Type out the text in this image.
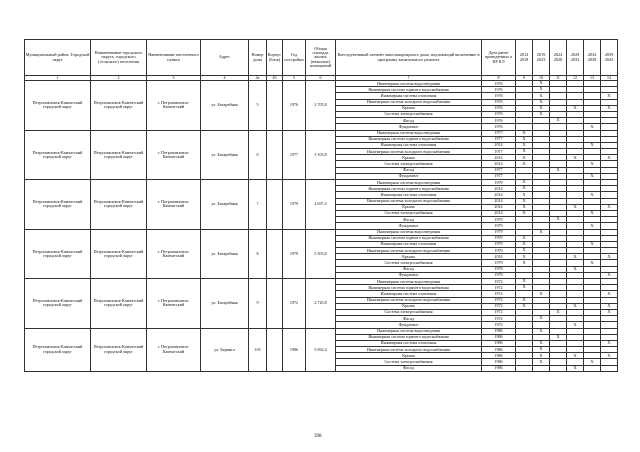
Муниципальный район, Городской округ	Наименование городского округа, городского (сельского) поселения	Наименование населенного пункта	Адрес	Номер дома	Корпус (блок)	Год постройки	Общая площадь жилых (нежилых) помещений	Конструктивный элемент многоквартирного дома, подлежащий включению в программу капитального ремонта	Дата ранее проведенных к КР КЭ	2014 2018	2019 2023	2024 2028	2029 2033	2034 2038	2039 2043
1	2	3	4	4а	4б	5	6	7	8	9	10	11	12	13	14
Петропавловск-Камчатский городской округ	Петропавловск-Камчатский городской округ	г. Петропавловск-Камчатский	ул. Батарейная	5		1976	2 705,8	Инженерная система водоотведения	1976		X				
								Инженерная система горячего водоснабжения	1976		X				
								Инженерная система отопления	1976		X				X
								Инженерная система холодного водоснабжения	1976		X				
								Крыша	1976		X		X		X
								Система электроснабжения	1976		X				
								Фасад	1976			X			
								Фундамент	1976					X	
Петропавловск-Камчатский городской округ	Петропавловск-Камчатский городской округ	г. Петропавловск-Камчатский	ул. Батарейная	6		1977	3 103,8	Инженерная система водоотведения	1977	X					
								Инженерная система горячего водоснабжения	1977	X					
								Инженерная система отопления	2014	X				X	
								Инженерная система холодного водоснабжения	1977	X					
								Крыша	2014	X			X		X
								Система электроснабжения	2014	X				X	
								Фасад	1977			X			
								Фундамент	1977					X	
Петропавловск-Камчатский городской округ	Петропавловск-Камчатский городской округ	г. Петропавловск-Камчатский	ул. Батарейная	7		1979	4 697,4	Инженерная система водоотведения	1979	X					
								Инженерная система горячего водоснабжения	2014	X					
								Инженерная система отопления	2014	X				X	
								Инженерная система холодного водоснабжения	2014	X					
								Крыша	2014	X			X		X
								Система электроснабжения	2014	X				X	
								Фасад	1979			X			
								Фундамент	1979					X	
Петропавловск-Камчатский городской округ	Петропавловск-Камчатский городской округ	г. Петропавловск-Камчатский	ул. Батарейная	8		1979	5 303,8	Инженерная система водоотведения	1979		X				
								Инженерная система горячего водоснабжения	1979	X					
								Инженерная система отопления	1979	X				X	
								Инженерная система холодного водоснабжения	1979	X					
								Крыша	2014	X			X		X
								Система электроснабжения	1979	X				X	
								Фасад	1979				X		
								Фундамент	1979						X
Петропавловск-Камчатский городской округ	Петропавловск-Камчатский городской округ	г. Петропавловск-Камчатский	ул. Батарейная	9		1972	2 720,8	Инженерная система водоотведения	1972	X					
								Инженерная система горячего водоснабжения	1972	X					
								Инженерная система отопления	1972		X				X
								Инженерная система холодного водоснабжения	1972	X					
								Крыша	1972	X			X		X
								Система электроснабжения	1972			X			X
								Фасад	1972		X				
								Фундамент	1972				X		
Петропавловск-Камчатский городской округ	Петропавловск-Камчатский городской округ	г. Петропавловск-Камчатский	ул. Беринга	103		1986	5 062,4	Инженерная система водоотведения	1986		X				
								Инженерная система горячего водоснабжения	1986			X			
								Инженерная система отопления	1986		X				X
								Инженерная система холодного водоснабжения	1986		X				
								Крыша	1986		X		X		X
								Система электроснабжения	1986		X			X	
								Фасад	1986				X		
398
